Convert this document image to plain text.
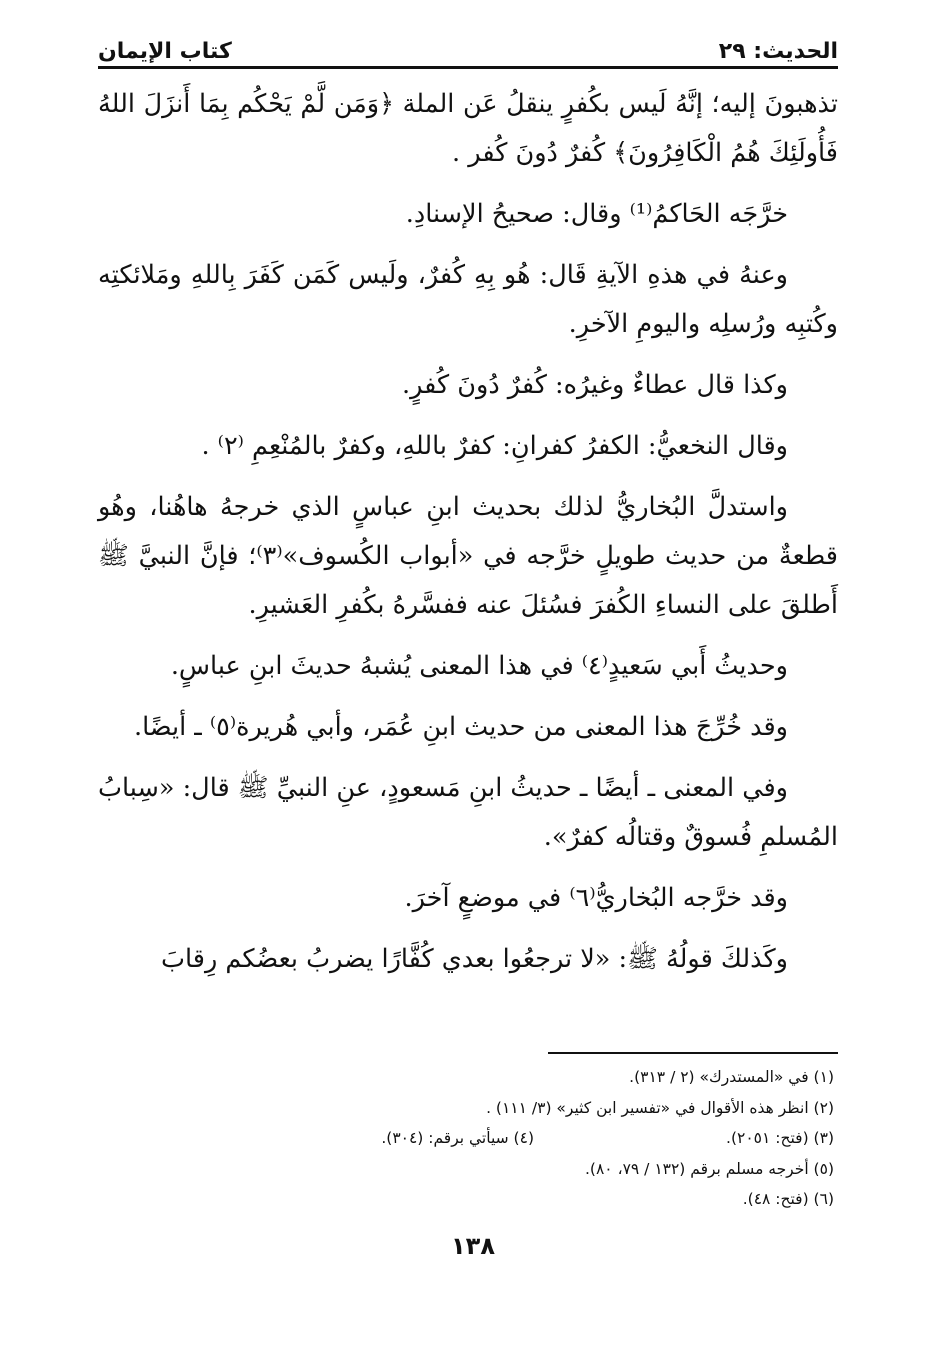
الحديث: ٢٩
كتاب الإيمان

تذهبونَ إليه؛ إنَّهُ لَيس بكُفرٍ ينقلُ عَن الملة ﴿وَمَن لَّمْ يَحْكُم بِمَا أَنزَلَ اللهُ فَأُولَئِكَ هُمُ الْكَافِرُونَ﴾ كُفرٌ دُونَ كُفر .

خرَّجَه الحَاكمُ⁽¹⁾ وقال: صحيحُ الإسنادِ.

وعنهُ في هذهِ الآيةِ قَال: هُو بِهِ كُفرٌ، ولَيس كَمَن كَفَرَ بِاللهِ ومَلائكتِه وكُتبِه ورُسلِه واليومِ الآخرِ.

وكذا قال عطاءٌ وغيرُه: كُفرٌ دُونَ كُفرٍ.

وقال النخعيُّ: الكفرُ كفرانِ: كفرٌ باللهِ، وكفرٌ بالمُنْعِمِ ⁽٢⁾ .

واستدلَّ البُخاريُّ لذلك بحديث ابنِ عباسٍ الذي خرجهُ هاهُنا، وهُو قطعةٌ من حديث طويلٍ خرَّجه في «أبواب الكُسوف»⁽٣⁾؛ فإنَّ النبيَّ ﷺ أَطلقَ على النساءِ الكُفرَ فسُئلَ عنه ففسَّرهُ بكُفرِ العَشيرِ.

وحديثُ أَبي سَعيدٍ⁽٤⁾ في هذا المعنى يُشبهُ حديثَ ابنِ عباسٍ.

وقد خُرِّجَ هذا المعنى من حديث ابنِ عُمَر، وأبي هُريرة⁽٥⁾ ـ أيضًا.

وفي المعنى ـ أيضًا ـ حديثُ ابنِ مَسعودٍ، عنِ النبيِّ ﷺ قال: «سِبابُ المُسلمِ فُسوقٌ وقتالُه كفرٌ».

وقد خرَّجه البُخاريُّ⁽٦⁾ في موضعٍ آخرَ.

وكَذلكَ قولُهُ ﷺ: «لا ترجعُوا بعدي كُفَّارًا يضربُ بعضُكم رِقابَ

(١) في «المستدرك» (٢ / ٣١٣).
(٢) انظر هذه الأقوال في «تفسير ابن كثير» (٣/ ١١١) .
(٣) (فتح: ٢٠٥١).
(٤) سيأتي برقم: (٣٠٤).
(٥) أخرجه مسلم برقم (١٣٢ / ٧٩، ٨٠).
(٦) (فتح: ٤٨).
١٣٨
